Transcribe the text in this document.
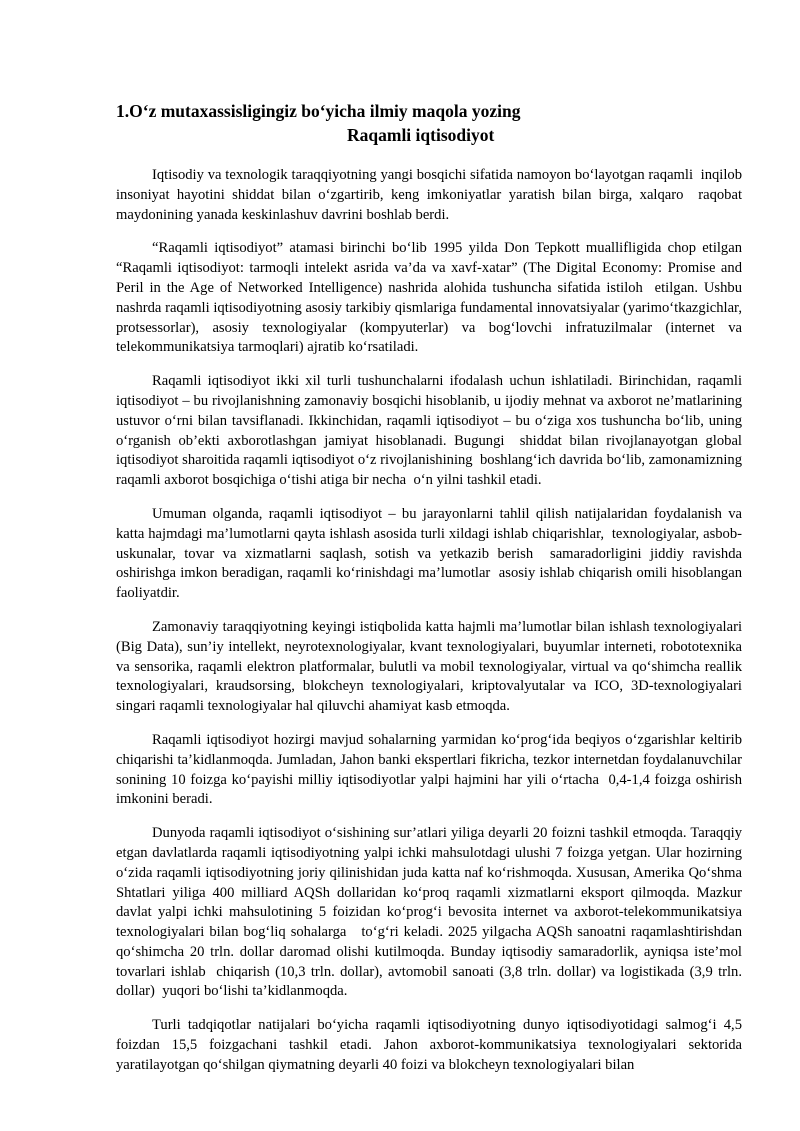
1.O‘z mutaxassisligingiz bo‘yicha ilmiy maqola yozing
Raqamli iqtisodiyot

Iqtisodiy va texnologik taraqqiyotning yangi bosqichi sifatida namoyon bo‘layotgan raqamli  inqilob insoniyat hayotini shiddat bilan o‘zgartirib, keng imkoniyatlar yaratish bilan birga, xalqaro  raqobat maydonining yanada keskinlashuv davrini boshlab berdi.

“Raqamli iqtisodiyot” atamasi birinchi bo‘lib 1995 yilda Don Tepkott muallifligida chop etilgan “Raqamli iqtisodiyot: tarmoqli intelekt asrida va’da va xavf-xatar” (The Digital Economy: Promise and Peril in the Age of Networked Intelligence) nashrida alohida tushuncha sifatida istiloh  etilgan. Ushbu nashrda raqamli iqtisodiyotning asosiy tarkibiy qismlariga fundamental innovatsiyalar (yarimo‘tkazgichlar, protsessorlar), asosiy texnologiyalar (kompyuterlar) va bog‘lovchi infratuzilmalar (internet va telekommunikatsiya tarmoqlari) ajratib ko‘rsatiladi.

Raqamli iqtisodiyot ikki xil turli tushunchalarni ifodalash uchun ishlatiladi. Birinchidan, raqamli iqtisodiyot – bu rivojlanishning zamonaviy bosqichi hisoblanib, u ijodiy mehnat va axborot ne’matlarining ustuvor o‘rni bilan tavsiflanadi. Ikkinchidan, raqamli iqtisodiyot – bu o‘ziga xos tushuncha bo‘lib, uning o‘rganish ob’ekti axborotlashgan jamiyat hisoblanadi. Bugungi  shiddat bilan rivojlanayotgan global iqtisodiyot sharoitida raqamli iqtisodiyot o‘z rivojlanishining  boshlang‘ich davrida bo‘lib, zamonamizning raqamli axborot bosqichiga o‘tishi atiga bir necha  o‘n yilni tashkil etadi.

Umuman olganda, raqamli iqtisodiyot – bu jarayonlarni tahlil qilish natijalaridan foydalanish va katta hajmdagi ma’lumotlarni qayta ishlash asosida turli xildagi ishlab chiqarishlar,  texnologiyalar, asbob-uskunalar, tovar va xizmatlarni saqlash, sotish va yetkazib berish  samaradorligini jiddiy ravishda oshirishga imkon beradigan, raqamli ko‘rinishdagi ma’lumotlar  asosiy ishlab chiqarish omili hisoblangan faoliyatdir.

Zamonaviy taraqqiyotning keyingi istiqbolida katta hajmli ma’lumotlar bilan ishlash texnologiyalari (Big Data), sun’iy intellekt, neyrotexnologiyalar, kvant texnologiyalari, buyumlar interneti, robototexnika va sensorika, raqamli elektron platformalar, bulutli va mobil texnologiyalar, virtual va qo‘shimcha reallik texnologiyalari, kraudsorsing, blokcheyn texnologiyalari, kriptovalyutalar va ICO, 3D-texnologiyalari singari raqamli texnologiyalar hal qiluvchi ahamiyat kasb etmoqda.

Raqamli iqtisodiyot hozirgi mavjud sohalarning yarmidan ko‘prog‘ida beqiyos o‘zgarishlar keltirib chiqarishi ta’kidlanmoqda. Jumladan, Jahon banki ekspertlari fikricha, tezkor internetdan foydalanuvchilar sonining 10 foizga ko‘payishi milliy iqtisodiyotlar yalpi hajmini har yili o‘rtacha  0,4-1,4 foizga oshirish imkonini beradi.

Dunyoda raqamli iqtisodiyot o‘sishining sur’atlari yiliga deyarli 20 foizni tashkil etmoqda. Taraqqiy etgan davlatlarda raqamli iqtisodiyotning yalpi ichki mahsulotdagi ulushi 7 foizga yetgan. Ular hozirning o‘zida raqamli iqtisodiyotning joriy qilinishidan juda katta naf ko‘rishmoqda. Xususan, Amerika Qo‘shma Shtatlari yiliga 400 milliard AQSh dollaridan ko‘proq raqamli xizmatlarni eksport qilmoqda. Mazkur davlat yalpi ichki mahsulotining 5 foizidan ko‘prog‘i bevosita internet va axborot-telekommunikatsiya texnologiyalari bilan bog‘liq sohalarga   to‘g‘ri keladi. 2025 yilgacha AQSh sanoatni raqamlashtirishdan qo‘shimcha 20 trln. dollar daromad olishi kutilmoqda. Bunday iqtisodiy samaradorlik, ayniqsa iste’mol tovarlari ishlab  chiqarish (10,3 trln. dollar), avtomobil sanoati (3,8 trln. dollar) va logistikada (3,9 trln. dollar)  yuqori bo‘lishi ta’kidlanmoqda.

Turli tadqiqotlar natijalari bo‘yicha raqamli iqtisodiyotning dunyo iqtisodiyotidagi salmog‘i 4,5 foizdan 15,5 foizgachani tashkil etadi. Jahon axborot-kommunikatsiya texnologiyalari sektorida yaratilayotgan qo‘shilgan qiymatning deyarli 40 foizi va blokcheyn texnologiyalari bilan
